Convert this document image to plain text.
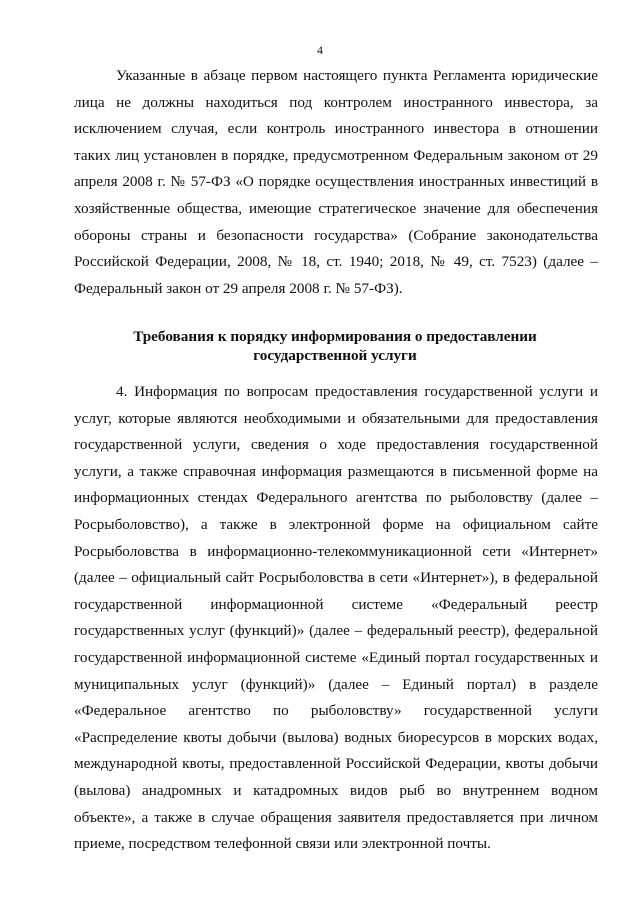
4

Указанные в абзаце первом настоящего пункта Регламента юридические лица не должны находиться под контролем иностранного инвестора, за исключением случая, если контроль иностранного инвестора в отношении таких лиц установлен в порядке, предусмотренном Федеральным законом от 29 апреля 2008 г. № 57-ФЗ «О порядке осуществления иностранных инвестиций в хозяйственные общества, имеющие стратегическое значение для обеспечения обороны страны и безопасности государства» (Собрание законодательства Российской Федерации, 2008, № 18, ст. 1940; 2018, № 49, ст. 7523) (далее – Федеральный закон от 29 апреля 2008 г. № 57-ФЗ).

Требования к порядку информирования о предоставлении
государственной услуги

4. Информация по вопросам предоставления государственной услуги и услуг, которые являются необходимыми и обязательными для предоставления государственной услуги, сведения о ходе предоставления государственной услуги, а также справочная информация размещаются в письменной форме на информационных стендах Федерального агентства по рыболовству (далее – Росрыболовство), а также в электронной форме на официальном сайте Росрыболовства в информационно-телекоммуникационной сети «Интернет» (далее – официальный сайт Росрыболовства в сети «Интернет»), в федеральной государственной информационной системе «Федеральный реестр государственных услуг (функций)» (далее – федеральный реестр), федеральной государственной информационной системе «Единый портал государственных и муниципальных услуг (функций)» (далее – Единый портал) в разделе «Федеральное агентство по рыболовству» государственной услуги «Распределение квоты добычи (вылова) водных биоресурсов в морских водах, международной квоты, предоставленной Российской Федерации, квоты добычи (вылова) анадромных и катадромных видов рыб во внутреннем водном объекте», а также в случае обращения заявителя предоставляется при личном приеме, посредством телефонной связи или электронной почты.
